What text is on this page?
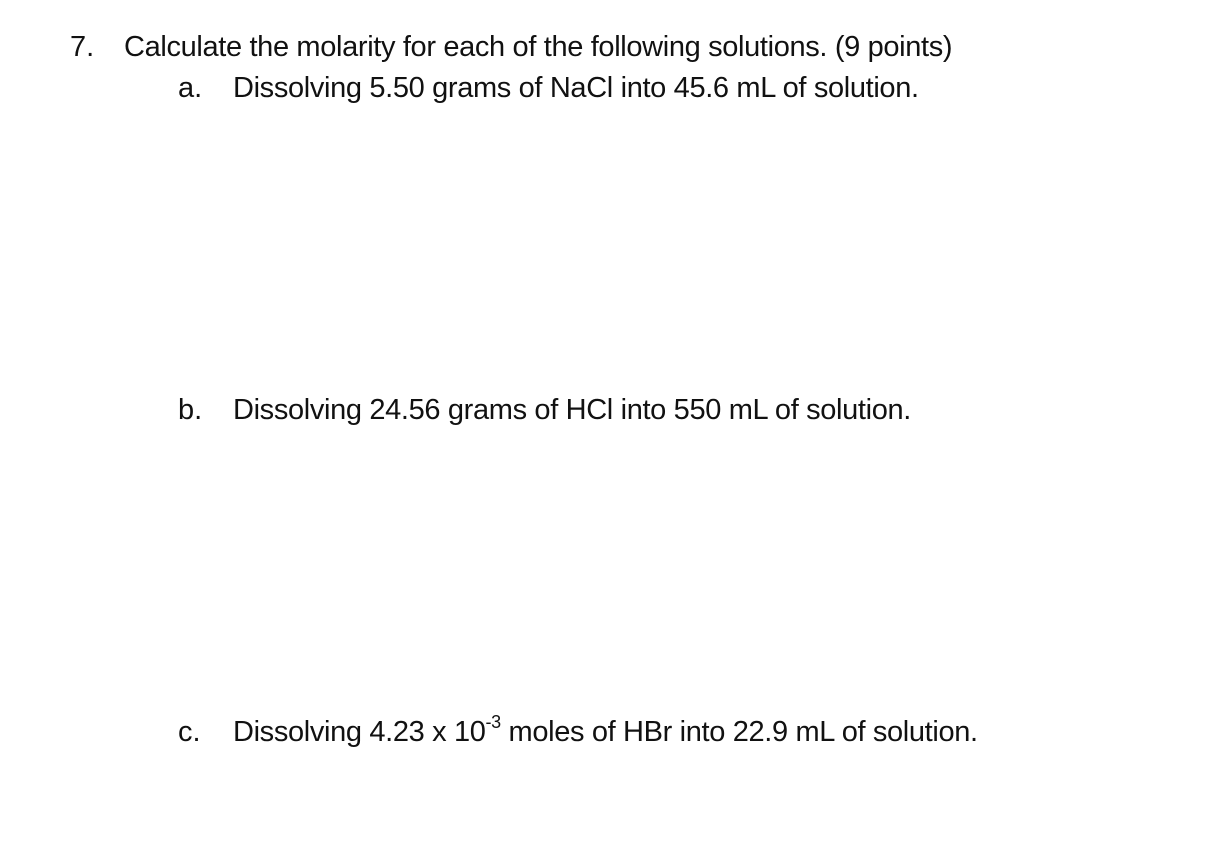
7. Calculate the molarity for each of the following solutions. (9 points)
a. Dissolving 5.50 grams of NaCl into 45.6 mL of solution.
b. Dissolving 24.56 grams of HCl into 550 mL of solution.
c. Dissolving 4.23 x $10^{-3}$ moles of HBr into 22.9 mL of solution.
